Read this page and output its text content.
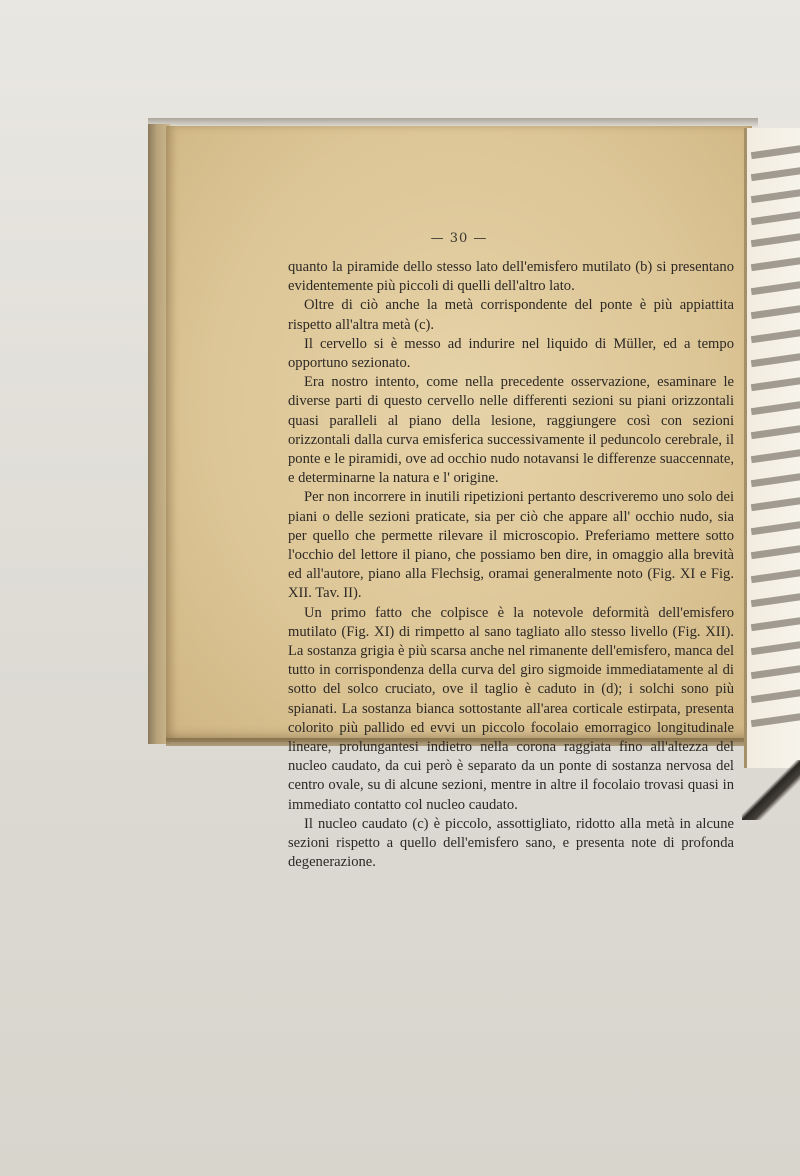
— 30 —

quanto la piramide dello stesso lato dell'emisfero mutilato (b) si presentano evidentemente più piccoli di quelli dell'altro lato.

Oltre di ciò anche la metà corrispondente del ponte è più appiattita rispetto all'altra metà (c).

Il cervello si è messo ad indurire nel liquido di Müller, ed a tempo opportuno sezionato.

Era nostro intento, come nella precedente osservazione, esaminare le diverse parti di questo cervello nelle differenti sezioni su piani orizzontali quasi paralleli al piano della lesione, raggiungere così con sezioni orizzontali dalla curva emisferica successivamente il peduncolo cerebrale, il ponte e le piramidi, ove ad occhio nudo notavansi le differenze suaccennate, e determinarne la natura e l' origine.

Per non incorrere in inutili ripetizioni pertanto descriveremo uno solo dei piani o delle sezioni praticate, sia per ciò che appare all' occhio nudo, sia per quello che permette rilevare il microscopio. Preferiamo mettere sotto l'occhio del lettore il piano, che possiamo ben dire, in omaggio alla brevità ed all'autore, piano alla Flechsig, oramai generalmente noto (Fig. XI e Fig. XII. Tav. II).

Un primo fatto che colpisce è la notevole deformità dell'emisfero mutilato (Fig. XI) di rimpetto al sano tagliato allo stesso livello (Fig. XII). La sostanza grigia è più scarsa anche nel rimanente dell'emisfero, manca del tutto in corrispondenza della curva del giro sigmoide immediatamente al di sotto del solco cruciato, ove il taglio è caduto in (d); i solchi sono più spianati. La sostanza bianca sottostante all'area corticale estirpata, presenta colorito più pallido ed evvi un piccolo focolaio emorragico longitudinale lineare, prolungantesi indietro nella corona raggiata fino all'altezza del nucleo caudato, da cui però è separato da un ponte di sostanza nervosa del centro ovale, su di alcune sezioni, mentre in altre il focolaio trovasi quasi in immediato contatto col nucleo caudato.

Il nucleo caudato (c) è piccolo, assottigliato, ridotto alla metà in alcune sezioni rispetto a quello dell'emisfero sano, e presenta note di profonda degenerazione.
